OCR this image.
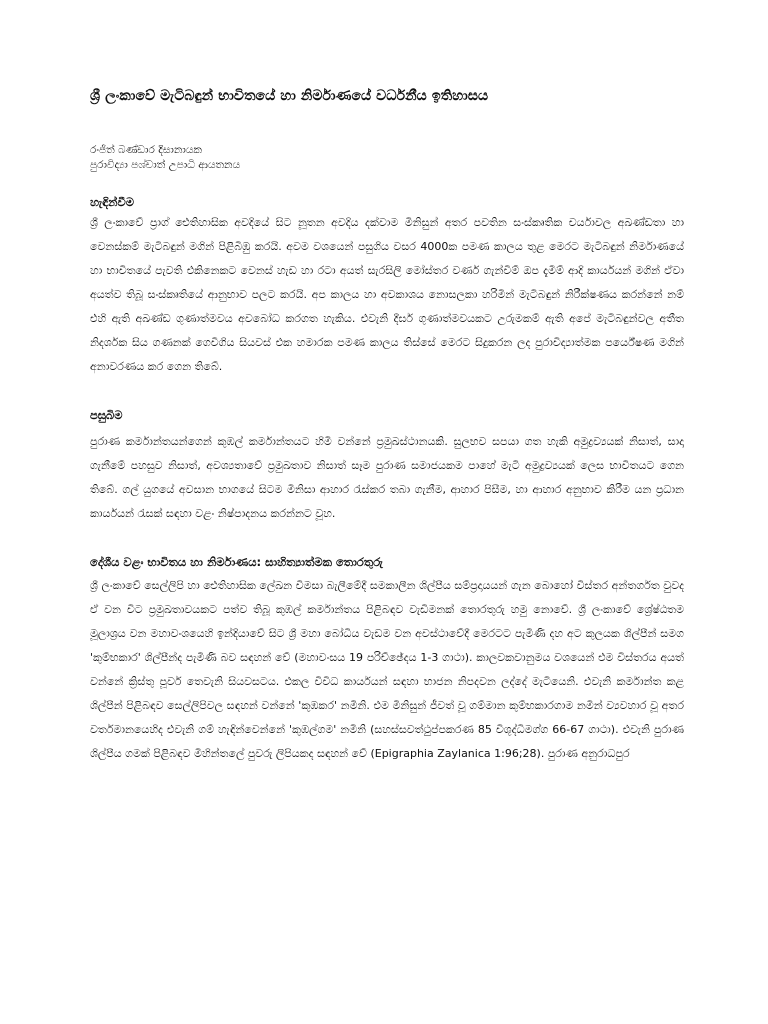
ශ්‍රී ලංකාවේ මැටිබඳුන් භාවිතයේ හා නිර්මාණයේ වර්ධනීය ඉතිහාසය

රංජිත් බණ්ඩාර දිසානායක

පුරාවිද්‍යා පශ්චාත් උපාධි ආයතනය

හැඳින්වීම

ශ්‍රී ලංකාවේ ප්‍රාග් ඓතිහාසික අවදියේ සිට නූතන අවදිය දක්වාම මිනිසුන් අතර පවතින සංස්කෘතික චර්යාවල අඛණ්ඩතා හා වෙනස්කම් මැටිබඳුන් මගින් පිළිබිඹු කරයි. අවම වශයෙන් පසුගිය වසර 4000ක පමණ කාලය තුළ මෙරට මැටිබඳුන් නිර්මාණයේ හා භාවිතයේ පැවති එකිනෙකට වෙනස් හැඩ හා රටා අයත් සැරසිලි මෝස්තර වර්ණ ගැන්වීම් ඔප දැමීම් ආදි කාර්යයන් මගින් ඒවා අයත්ව තිබූ සංස්කෘතියේ ආනුභාව පලට කරයි. අප කාලය හා අවකාශය නොසලකා හරිමින් මැටිබඳුන් නිරීක්ෂණය කරන්නේ නම් එහි ඇති අඛණ්ඩ ගුණාත්මවය අවබෝධ කරගත හැකිය. එවැනි දීර්ඝ ගුණාත්මවයකට උරුමකම් ඇති අපේ මැටිබඳුන්වල අතීත නිදර්ශක සිය ගණනක් ගෙවීගිය සියවස් එක හමාරක පමණ කාලය තිස්සේ මෙරට සිදුකරන ලද පුරාවිද්‍යාත්මක පර්යේෂණ මගින් අනාවරණය කර ගෙන තිබේ.

පසුබිම

පුරාණ කර්මාන්තයන්ගෙන් කුඹල් කර්මාන්තයට හිමි වන්නේ ප්‍රමුඛස්ථානයකි. සුලභව සපයා ගත හැකි අමුද්‍රව්‍යයක් නිසාත්, සාදා ගැනීමේ පහසුව නිසාත්, අවශ්‍යතාවේ ප්‍රමුඛතාව නිසාත් සෑම පුරාණ සමාජයකම පාහේ මැටි අමුද්‍රව්‍යයක් ලෙස භාවිතයට ගෙන තිබේ. ගල් යුගයේ අවසාන භාගයේ සිටම මිනිසා ආහාර රැස්කර තබා ගැනීම, ආහාර පිසීම, හා ආහාර අනුභාව කිරීම යන ප්‍රධාන කාර්යයන් රැසක් සඳහා වළං නිෂ්පාදනය කරන්නට වූහ.

දේශීය වළං භාවිතය හා නිර්මාණය: සාහිත්‍යාත්මක තොරතුරු

ශ්‍රී ලංකාවේ සෙල්ලිපි හා ඓතිහාසික ලේඛන විමසා බැලීමේදී සමකාලීන ශිල්පීය සම්ප්‍රදායයන් ගැන බොහෝ විස්තර අන්තර්ගත වුවද ඒ වන විට ප්‍රමුඛතාවයකට පත්ව තිබූ කුඹල් කර්මාන්තය පිළිබඳව වැඩිමනක් තොරතුරු හමු නොවේ. ශ්‍රී ලංකාවේ ශ්‍රේෂ්ඨතම මූලාශ්‍රය වන මහාවංශයෙහි ඉන්දියාවේ සිට ශ්‍රී මහා බෝධිය වැඩම වන අවස්ථාවේදී මෙරටට පැමිණි දහ අට කුලයක ශිල්පීන් සමග 'කුම්භකාර' ශිල්පීන්ද පැමිණි බව සඳහන් වේ (මහාවංසය 19 පරිච්ඡේදය 1-3 ගාථා). කාලවකවානුමය වශයෙන් එම විස්තරය අයත් වන්නේ ක්‍රිස්තු පූර්ව තෙවැනි සියවසටය. එකල විවිධ කාර්යයන් සඳහා භාජන නිපදවන ලද්දේ මැටියෙනි. එවැනි කර්මාන්ත කළ ශිල්පීන් පිළිබඳව සෙල්ලිපිවල සඳහන් වන්නේ 'කුඹකර' නමිනි. එම මිනිසුන් ජීවත් වූ ගම්මාන කුම්භකාරගාම නමින් ව්‍යවහාර වූ අතර වර්තමානයෙහිද එවැනි ගම් හැඳින්වෙන්නේ 'කුඹල්ගම' නමිනි (සහස්සවත්ථුප්පකරණ 85 විශුද්ධිමග්ග 66-67 ගාථා). එවැනි පුරාණ ශිල්පීය ගමක් පිළිබඳව මිහින්තලේ පුවරු ලිපියකද සඳහන් වේ (Epigraphia Zaylanica 1:96;28). පුරාණ අනුරාධපුර
